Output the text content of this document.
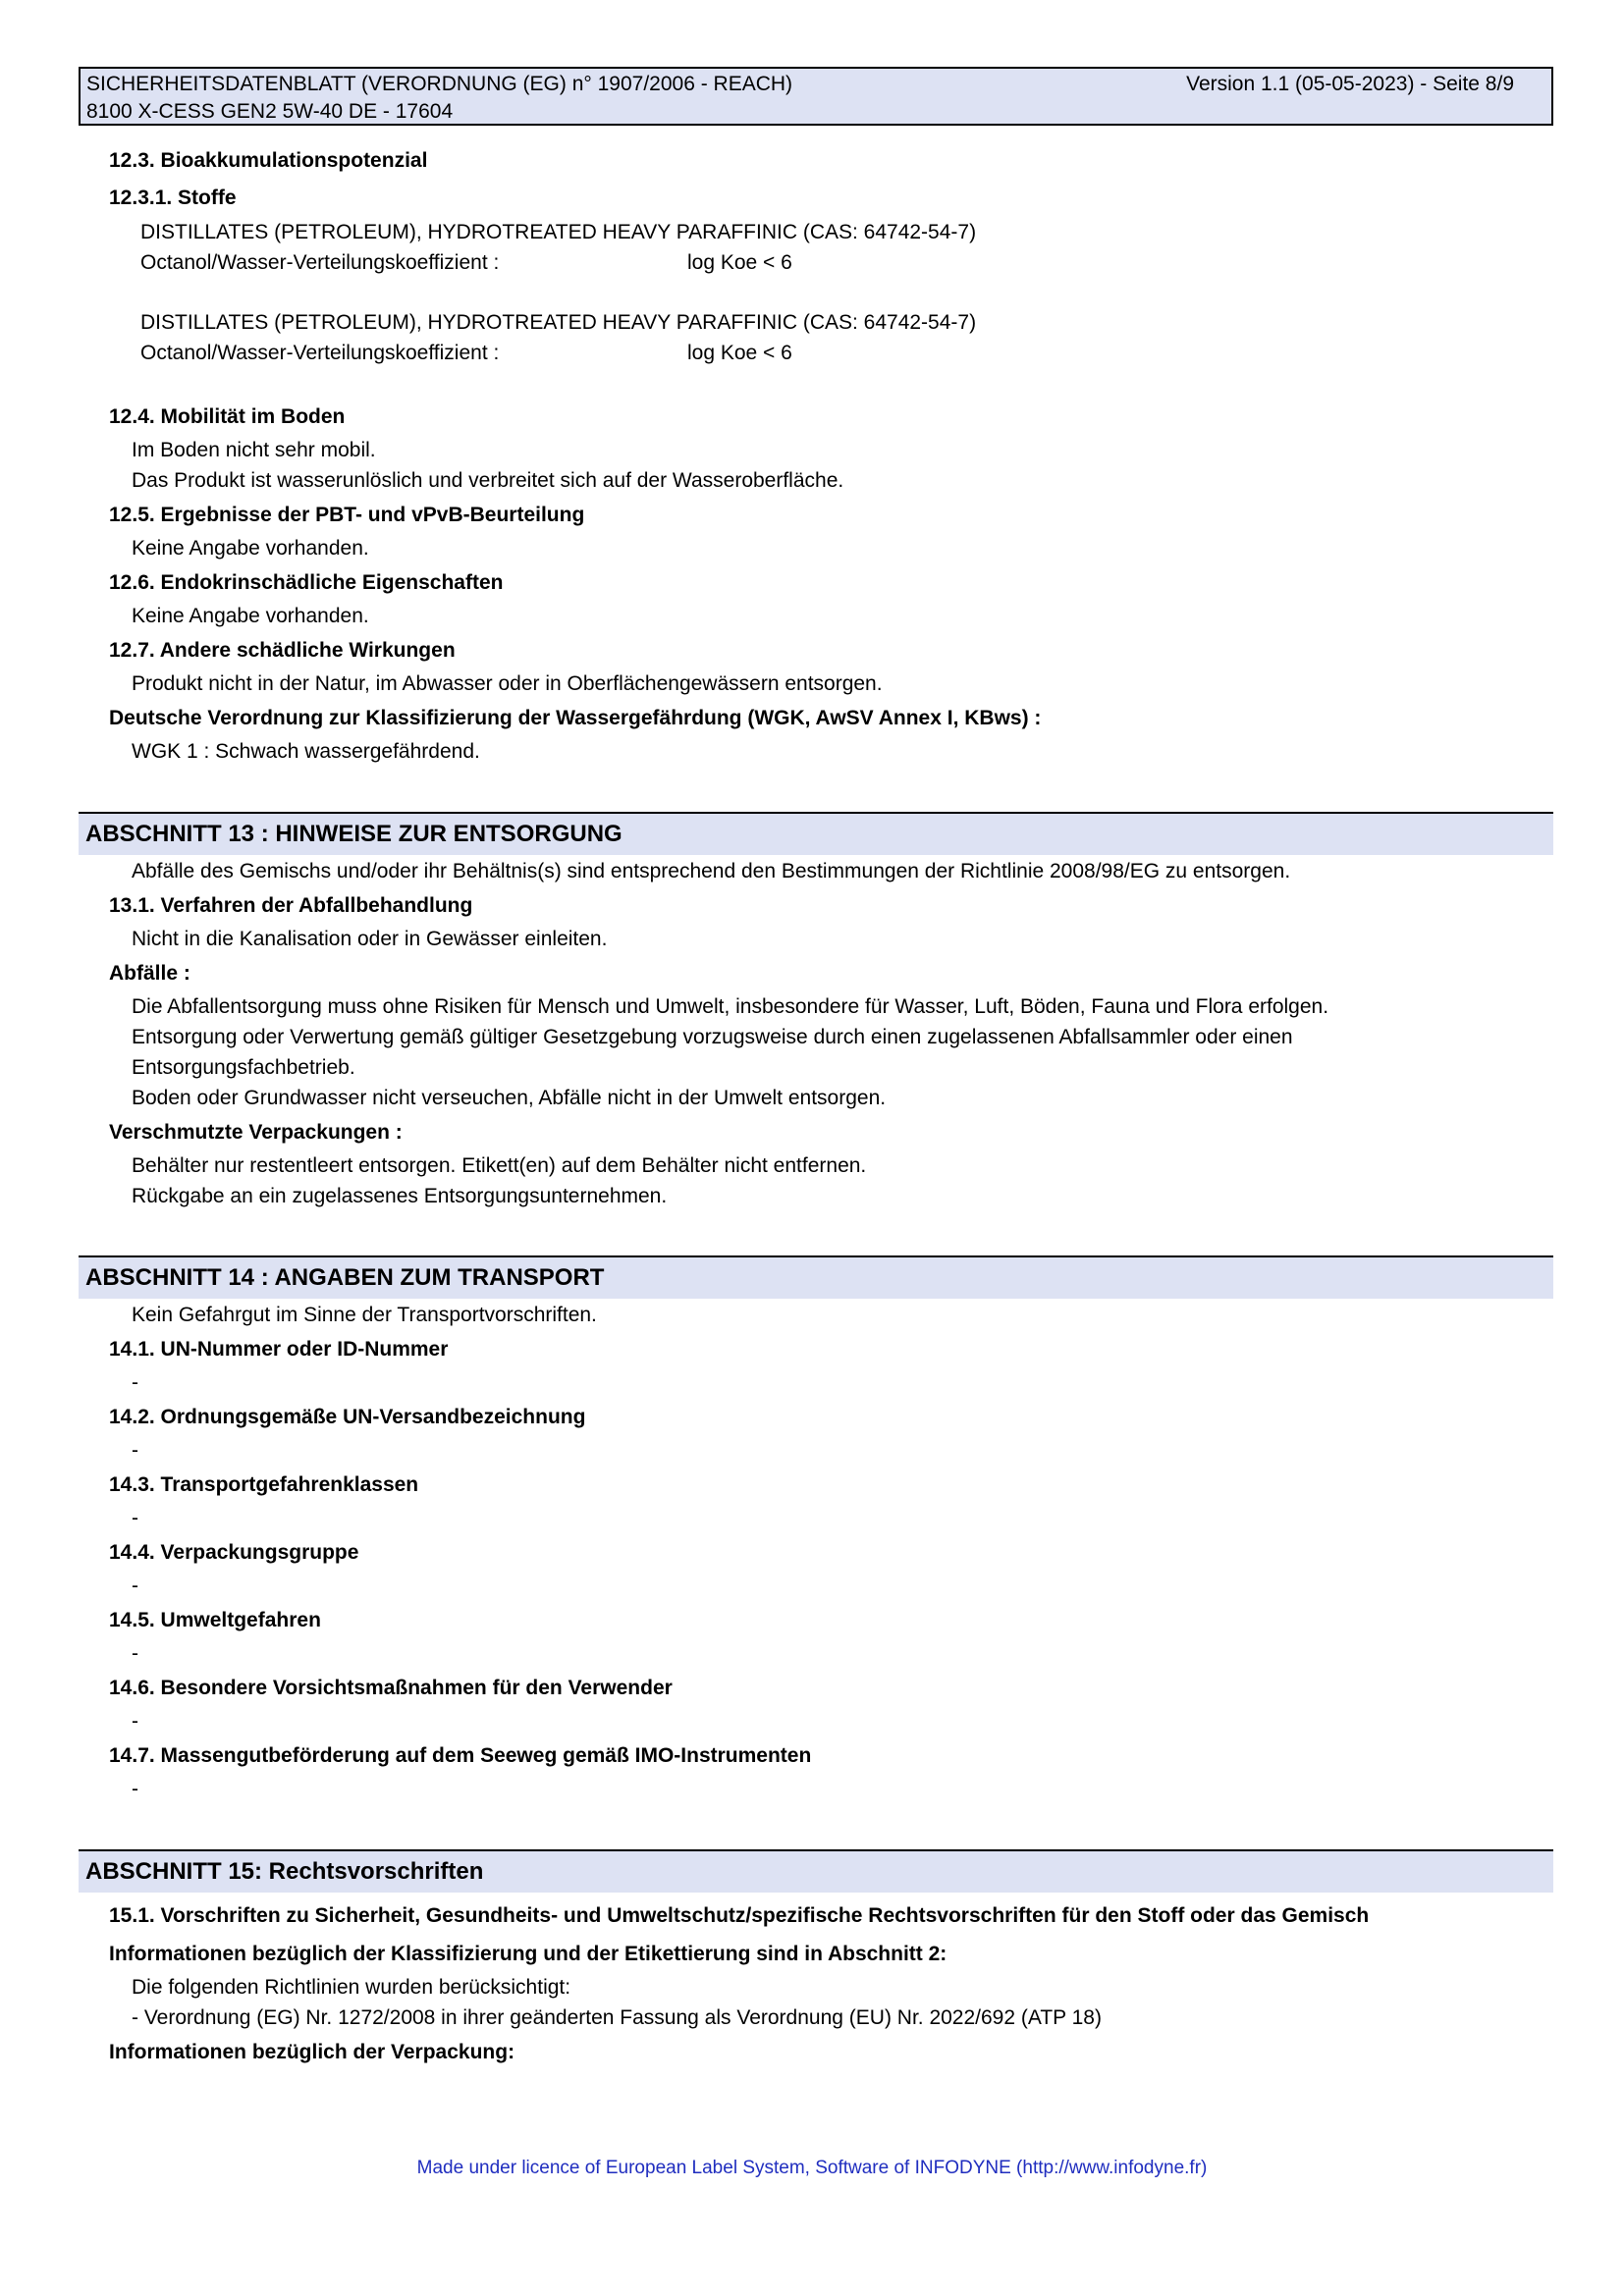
SICHERHEITSDATENBLATT (VERORDNUNG (EG) n° 1907/2006 - REACH)	Version 1.1 (05-05-2023) - Seite 8/9
8100 X-CESS GEN2 5W-40 DE - 17604
12.3. Bioakkumulationspotenzial
12.3.1. Stoffe
DISTILLATES (PETROLEUM), HYDROTREATED HEAVY PARAFFINIC (CAS: 64742-54-7)
Octanol/Wasser-Verteilungskoeffizient :	log Koe < 6
DISTILLATES (PETROLEUM), HYDROTREATED HEAVY PARAFFINIC (CAS: 64742-54-7)
Octanol/Wasser-Verteilungskoeffizient :	log Koe < 6
12.4. Mobilität im Boden
Im Boden nicht sehr mobil.
Das Produkt ist wasserunlöslich und verbreitet sich auf der Wasseroberfläche.
12.5. Ergebnisse der PBT- und vPvB-Beurteilung
Keine Angabe vorhanden.
12.6. Endokrinschädliche Eigenschaften
Keine Angabe vorhanden.
12.7. Andere schädliche Wirkungen
Produkt nicht in der Natur, im Abwasser oder in Oberflächengewässern entsorgen.
Deutsche Verordnung zur Klassifizierung der Wassergefährdung (WGK, AwSV Annex I, KBws) :
WGK 1 : Schwach wassergefährdend.
ABSCHNITT 13 : HINWEISE ZUR ENTSORGUNG
Abfälle des Gemischs und/oder ihr Behältnis(s) sind entsprechend den Bestimmungen der Richtlinie 2008/98/EG zu entsorgen.
13.1. Verfahren der Abfallbehandlung
Nicht in die Kanalisation oder in Gewässer einleiten.
Abfälle :
Die Abfallentsorgung muss ohne Risiken für Mensch und Umwelt, insbesondere für Wasser, Luft, Böden, Fauna und Flora erfolgen.
Entsorgung oder Verwertung gemäß gültiger Gesetzgebung vorzugsweise durch einen zugelassenen Abfallsammler oder einen
Entsorgungsfachbetrieb.
Boden oder Grundwasser nicht verseuchen, Abfälle nicht in der Umwelt entsorgen.
Verschmutzte Verpackungen :
Behälter nur restentleert entsorgen. Etikett(en) auf dem Behälter nicht entfernen.
Rückgabe an ein zugelassenes Entsorgungsunternehmen.
ABSCHNITT 14 : ANGABEN ZUM TRANSPORT
Kein Gefahrgut im Sinne der Transportvorschriften.
14.1. UN-Nummer oder ID-Nummer
-
14.2. Ordnungsgemäße UN-Versandbezeichnung
-
14.3. Transportgefahrenklassen
-
14.4. Verpackungsgruppe
-
14.5. Umweltgefahren
-
14.6. Besondere Vorsichtsmaßnahmen für den Verwender
-
14.7. Massengutbeförderung auf dem Seeweg gemäß IMO-Instrumenten
-
ABSCHNITT 15: Rechtsvorschriften
15.1. Vorschriften zu Sicherheit, Gesundheits- und Umweltschutz/spezifische Rechtsvorschriften für den Stoff oder das Gemisch
Informationen bezüglich der Klassifizierung und der Etikettierung sind in Abschnitt 2:
Die folgenden Richtlinien wurden berücksichtigt:
- Verordnung (EG) Nr. 1272/2008 in ihrer geänderten Fassung als Verordnung (EU) Nr. 2022/692 (ATP 18)
Informationen bezüglich der Verpackung:
Made under licence of European Label System, Software of INFODYNE (http://www.infodyne.fr)
